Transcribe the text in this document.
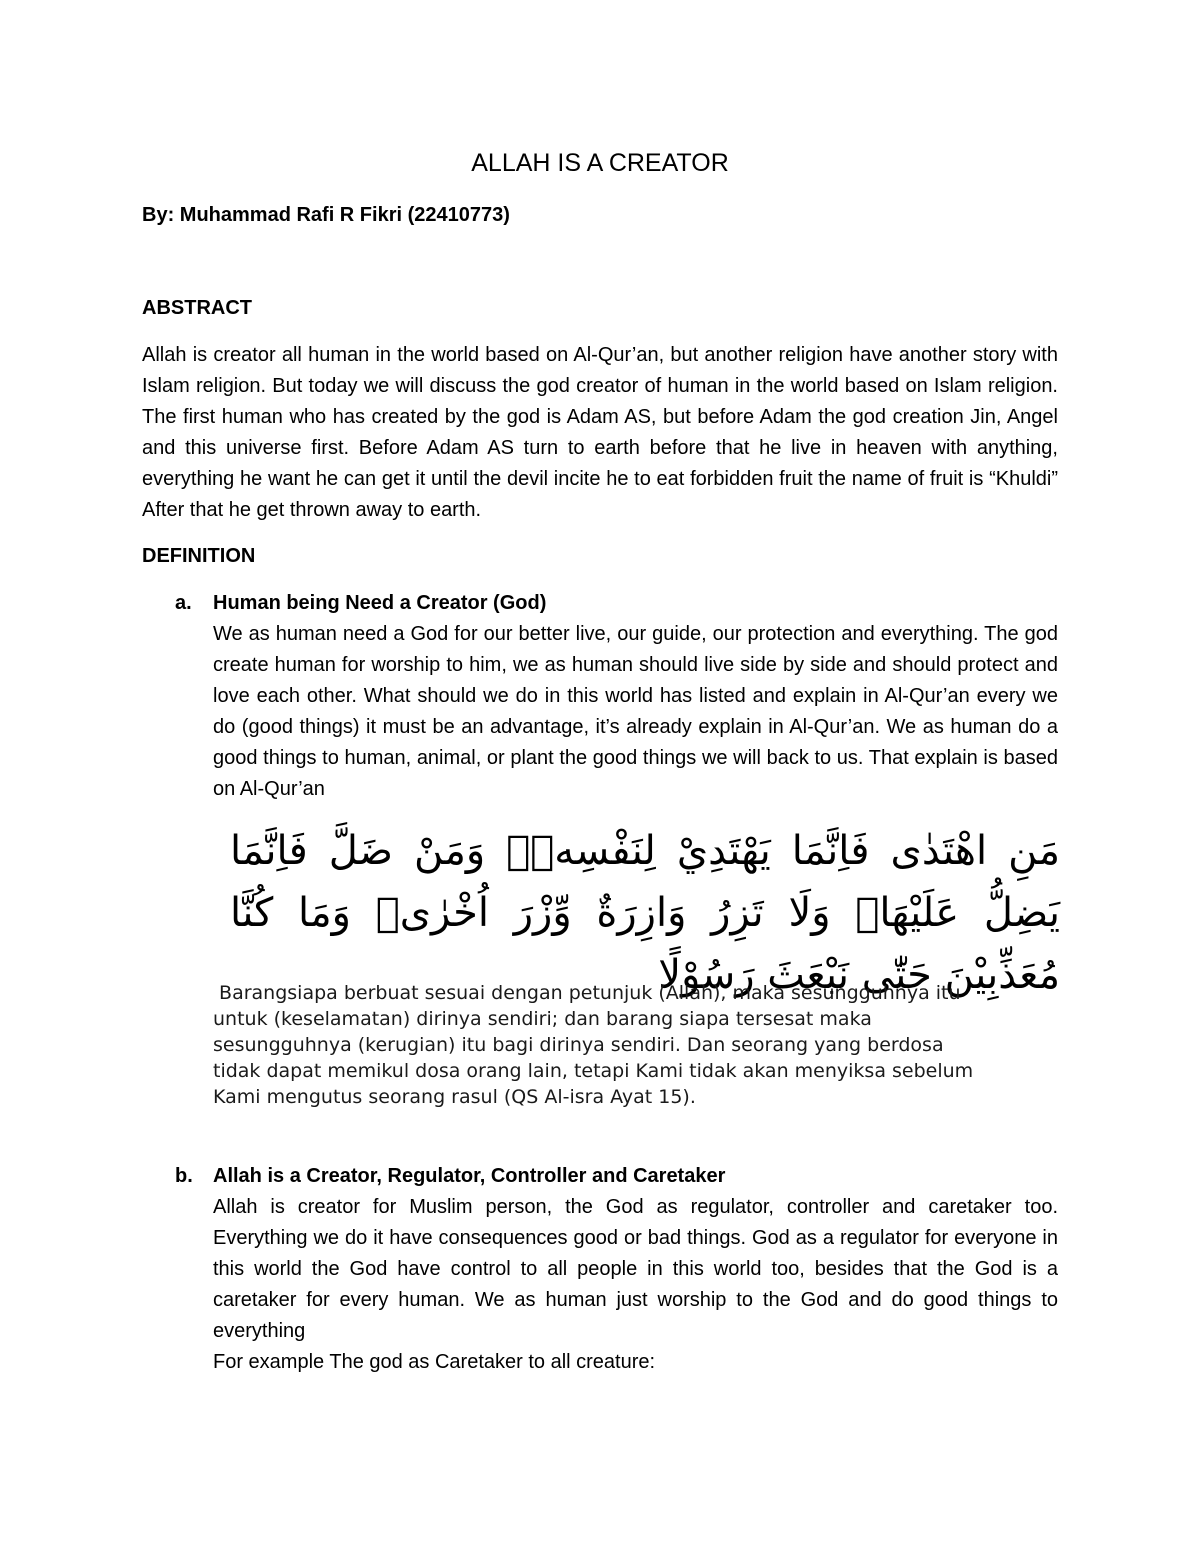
ALLAH IS A CREATOR

By: Muhammad Rafi R Fikri (22410773)

ABSTRACT

Allah is creator all human in the world based on Al-Qur’an, but another religion have another story with Islam religion. But today we will discuss the god creator of human in the world based on Islam religion. The first human who has created by the god is Adam AS, but before Adam the god creation Jin, Angel and this universe first. Before Adam AS turn to earth before that he live in heaven with anything, everything he want he can get it until the devil incite he to eat forbidden fruit the name of fruit is “Khuldi” After that he get thrown away to earth.

DEFINITION
a. Human being Need a Creator (God)
We as human need a God for our better live, our guide, our protection and everything. The god create human for worship to him, we as human should live side by side and should protect and love each other. What should we do in this world has listed and explain in Al-Qur’an every we do (good things) it must be an advantage, it’s already explain in Al-Qur’an. We as human do a good things to human, animal, or plant the good things we will back to us. That explain is based on Al-Qur’an

مَنِ اهْتَدٰى فَاِنَّمَا يَهْتَدِيْ لِنَفْسِهٖۚ وَمَنْ ضَلَّ فَاِنَّمَا يَضِلُّ عَلَيْهَاۗ وَلَا تَزِرُ وَازِرَةٌ وِّزْرَ اُخْرٰىۗ وَمَا كُنَّا مُعَذِّبِيْنَ حَتّٰى نَبْعَثَ رَسُوْلًا

Barangsiapa berbuat sesuai dengan petunjuk (Allah), maka sesungguhnya itu
untuk (keselamatan) dirinya sendiri; dan barang siapa tersesat maka
sesungguhnya (kerugian) itu bagi dirinya sendiri. Dan seorang yang berdosa
tidak dapat memikul dosa orang lain, tetapi Kami tidak akan menyiksa sebelum
Kami mengutus seorang rasul (QS Al-isra Ayat 15).

b. Allah is a Creator, Regulator, Controller and Caretaker
Allah is creator for Muslim person, the God as regulator, controller and caretaker too. Everything we do it have consequences good or bad things. God as a regulator for everyone in this world the God have control to all people in this world too, besides that the God is a caretaker for every human. We as human just worship to the God and do good things to everything
For example The god as Caretaker to all creature:
